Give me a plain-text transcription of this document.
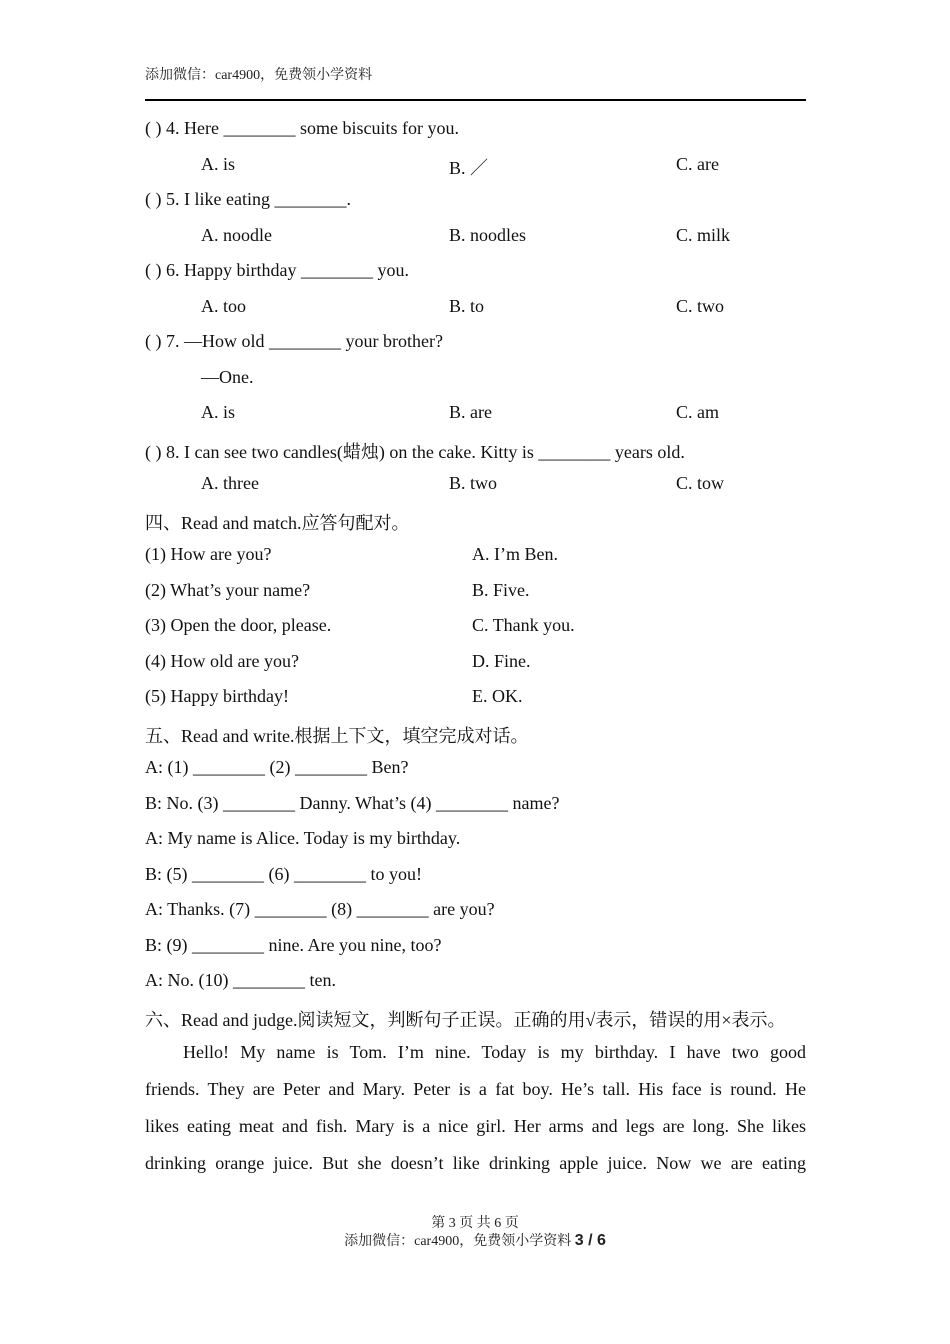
添加微信：car4900，免费领小学资料
( ) 4. Here ________ some biscuits for you.
A. is	B. ／	C. are
( ) 5. I like eating ________.
A. noodle	B. noodles	C. milk
( ) 6. Happy birthday ________ you.
A. too	B. to	C. two
( ) 7. —How old ________ your brother?
—One.
A. is	B. are	C. am
( ) 8. I can see two candles(蜡烛) on the cake. Kitty is ________ years old.
A. three	B. two	C. tow
四、Read and match.应答句配对。
(1) How are you?	A. I’m Ben.
(2) What’s your name?	B. Five.
(3) Open the door, please.	C. Thank you.
(4) How old are you?	D. Fine.
(5) Happy birthday!	E. OK.
五、Read and write.根据上下文，填空完成对话。
A: (1) ________ (2) ________ Ben?
B: No. (3) ________ Danny. What’s (4) ________ name?
A: My name is Alice. Today is my birthday.
B: (5) ________ (6) ________ to you!
A: Thanks. (7) ________ (8) ________ are you?
B: (9) ________ nine. Are you nine, too?
A: No. (10) ________ ten.
六、Read and judge.阅读短文，判断句子正误。正确的用√表示，错误的用×表示。
Hello! My name is Tom. I’m nine. Today is my birthday. I have two good
friends. They are Peter and Mary. Peter is a fat boy. He’s tall. His face is round. He
likes eating meat and fish. Mary is a nice girl. Her arms and legs are long. She likes
drinking orange juice. But she doesn’t like drinking apple juice. Now we are eating
第 3 页 共 6 页
添加微信：car4900，免费领小学资料 3 / 6
